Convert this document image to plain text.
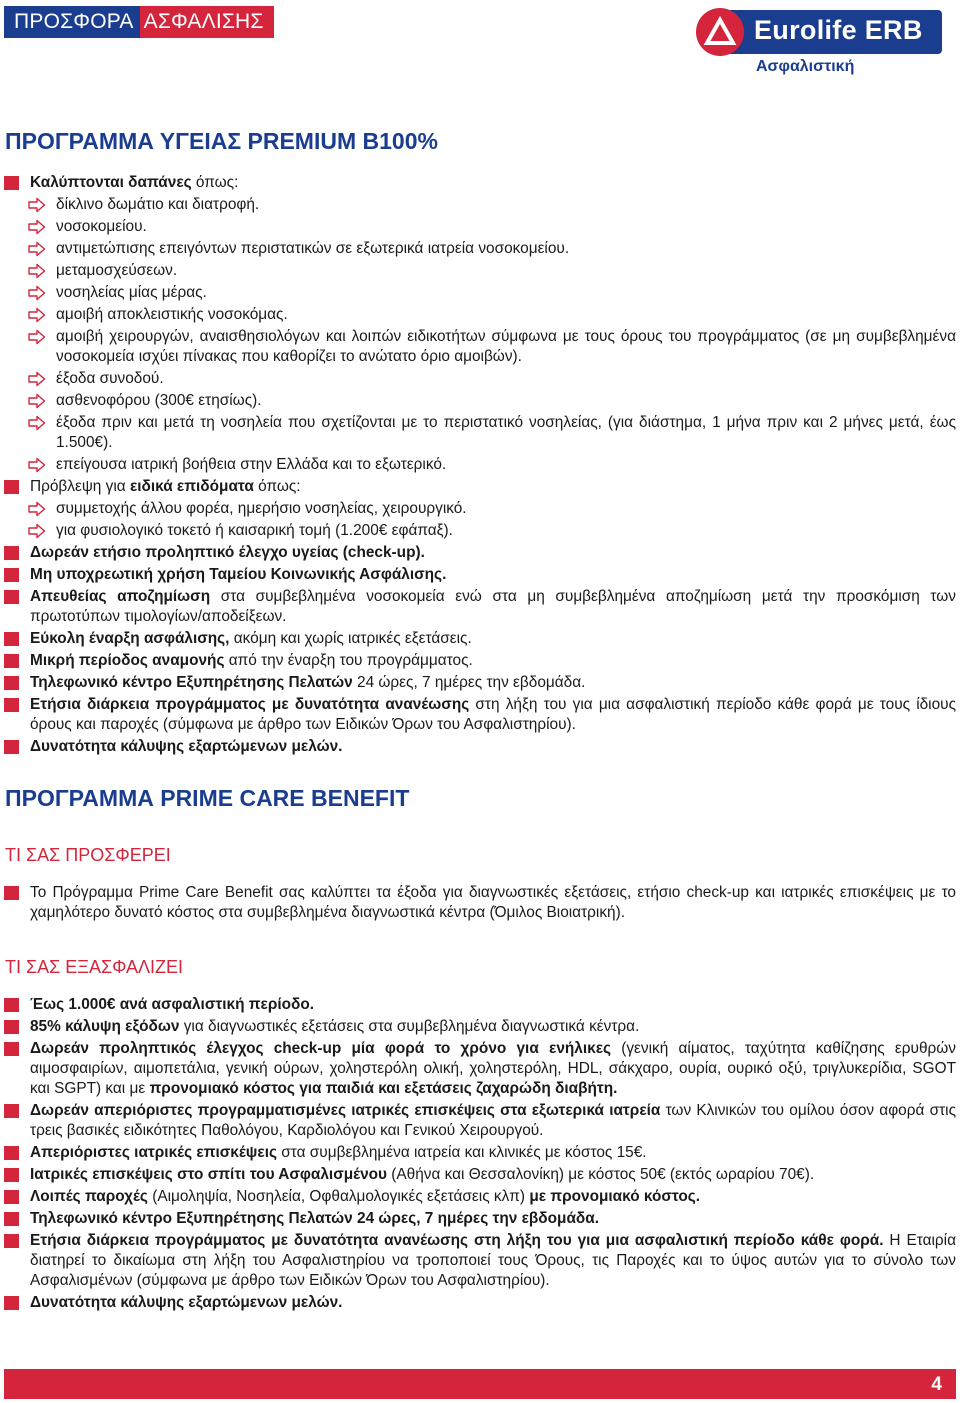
ΠΡΟΣΦΟΡΑ ΑΣΦΑΛΙΣΗΣ	Eurolife ERB
Ασφαλιστική
ΠΡΟΓΡΑΜΜΑ ΥΓΕΙΑΣ PREMIUM B100%
Καλύπτονται δαπάνες όπως:
δίκλινο δωμάτιο και διατροφή.
νοσοκομείου.
αντιμετώπισης επειγόντων περιστατικών σε εξωτερικά ιατρεία νοσοκομείου.
μεταμοσχεύσεων.
νοσηλείας μίας μέρας.
αμοιβή αποκλειστικής νοσοκόμας.
αμοιβή χειρουργών, αναισθησιολόγων και λοιπών ειδικοτήτων σύμφωνα με τους όρους του προγράμματος (σε μη συμβεβλημένα νοσοκομεία ισχύει πίνακας που καθορίζει το ανώτατο όριο αμοιβών).
έξοδα συνοδού.
ασθενοφόρου (300€ ετησίως).
έξοδα πριν και μετά τη νοσηλεία που σχετίζονται με το περιστατικό νοσηλείας, (για διάστημα, 1 μήνα πριν και 2 μήνες μετά, έως 1.500€).
επείγουσα ιατρική βοήθεια στην Ελλάδα και το εξωτερικό.
Πρόβλεψη για ειδικά επιδόματα όπως:
συμμετοχής άλλου φορέα, ημερήσιο νοσηλείας, χειρουργικό.
για φυσιολογικό τοκετό ή καισαρική τομή (1.200€ εφάπαξ).
Δωρεάν ετήσιο προληπτικό έλεγχο υγείας (check-up).
Μη υποχρεωτική χρήση Ταμείου Κοινωνικής Ασφάλισης.
Απευθείας αποζημίωση στα συμβεβλημένα νοσοκομεία ενώ στα μη συμβεβλημένα αποζημίωση μετά την προσκόμιση των πρωτοτύπων τιμολογίων/αποδείξεων.
Εύκολη έναρξη ασφάλισης, ακόμη και χωρίς ιατρικές εξετάσεις.
Μικρή περίοδος αναμονής από την έναρξη του προγράμματος.
Τηλεφωνικό κέντρο Εξυπηρέτησης Πελατών 24 ώρες, 7 ημέρες την εβδομάδα.
Ετήσια διάρκεια προγράμματος με δυνατότητα ανανέωσης στη λήξη του για μια ασφαλιστική περίοδο κάθε φορά με τους ίδιους όρους και παροχές (σύμφωνα με άρθρο των Ειδικών Όρων του Ασφαλιστηρίου).
Δυνατότητα κάλυψης εξαρτώμενων μελών.
ΠΡΟΓΡΑΜΜΑ PRIME CARE BENEFIT
ΤΙ ΣΑΣ ΠΡΟΣΦΕΡΕΙ
Το Πρόγραμμα Prime Care Benefit σας καλύπτει τα έξοδα για διαγνωστικές εξετάσεις, ετήσιο check-up και ιατρικές επισκέψεις με το χαμηλότερο δυνατό κόστος στα συμβεβλημένα διαγνωστικά κέντρα (Όμιλος Βιοιατρική).
ΤΙ ΣΑΣ ΕΞΑΣΦΑΛΙΖΕΙ
Έως 1.000€ ανά ασφαλιστική περίοδο.
85% κάλυψη εξόδων για διαγνωστικές εξετάσεις στα συμβεβλημένα διαγνωστικά κέντρα.
Δωρεάν προληπτικός έλεγχος check-up μία φορά το χρόνο για ενήλικες (γενική αίματος, ταχύτητα καθίζησης ερυθρών αιμοσφαιρίων, αιμοπετάλια, γενική ούρων, χοληστερόλη ολική, χοληστερόλη, HDL, σάκχαρο, ουρία, ουρικό οξύ, τριγλυκερίδια, SGOT και SGPT) και με προνομιακό κόστος για παιδιά και εξετάσεις ζαχαρώδη διαβήτη.
Δωρεάν απεριόριστες προγραμματισμένες ιατρικές επισκέψεις στα εξωτερικά ιατρεία των Κλινικών του ομίλου όσον αφορά στις τρεις βασικές ειδικότητες Παθολόγου, Καρδιολόγου και Γενικού Χειρουργού.
Απεριόριστες ιατρικές επισκέψεις στα συμβεβλημένα ιατρεία και κλινικές με κόστος 15€.
Ιατρικές επισκέψεις στο σπίτι του Ασφαλισμένου (Αθήνα και Θεσσαλονίκη) με κόστος 50€ (εκτός ωραρίου 70€).
Λοιπές παροχές (Αιμοληψία, Νοσηλεία, Οφθαλμολογικές εξετάσεις κλπ) με προνομιακό κόστος.
Τηλεφωνικό κέντρο Εξυπηρέτησης Πελατών 24 ώρες, 7 ημέρες την εβδομάδα.
Ετήσια διάρκεια προγράμματος με δυνατότητα ανανέωσης στη λήξη του για μια ασφαλιστική περίοδο κάθε φορά. Η Εταιρία διατηρεί το δικαίωμα στη λήξη του Ασφαλιστηρίου να τροποποιεί τους Όρους, τις Παροχές και το ύψος αυτών για το σύνολο των Ασφαλισμένων (σύμφωνα με άρθρο των Ειδικών Όρων του Ασφαλιστηρίου).
Δυνατότητα κάλυψης εξαρτώμενων μελών.
4
